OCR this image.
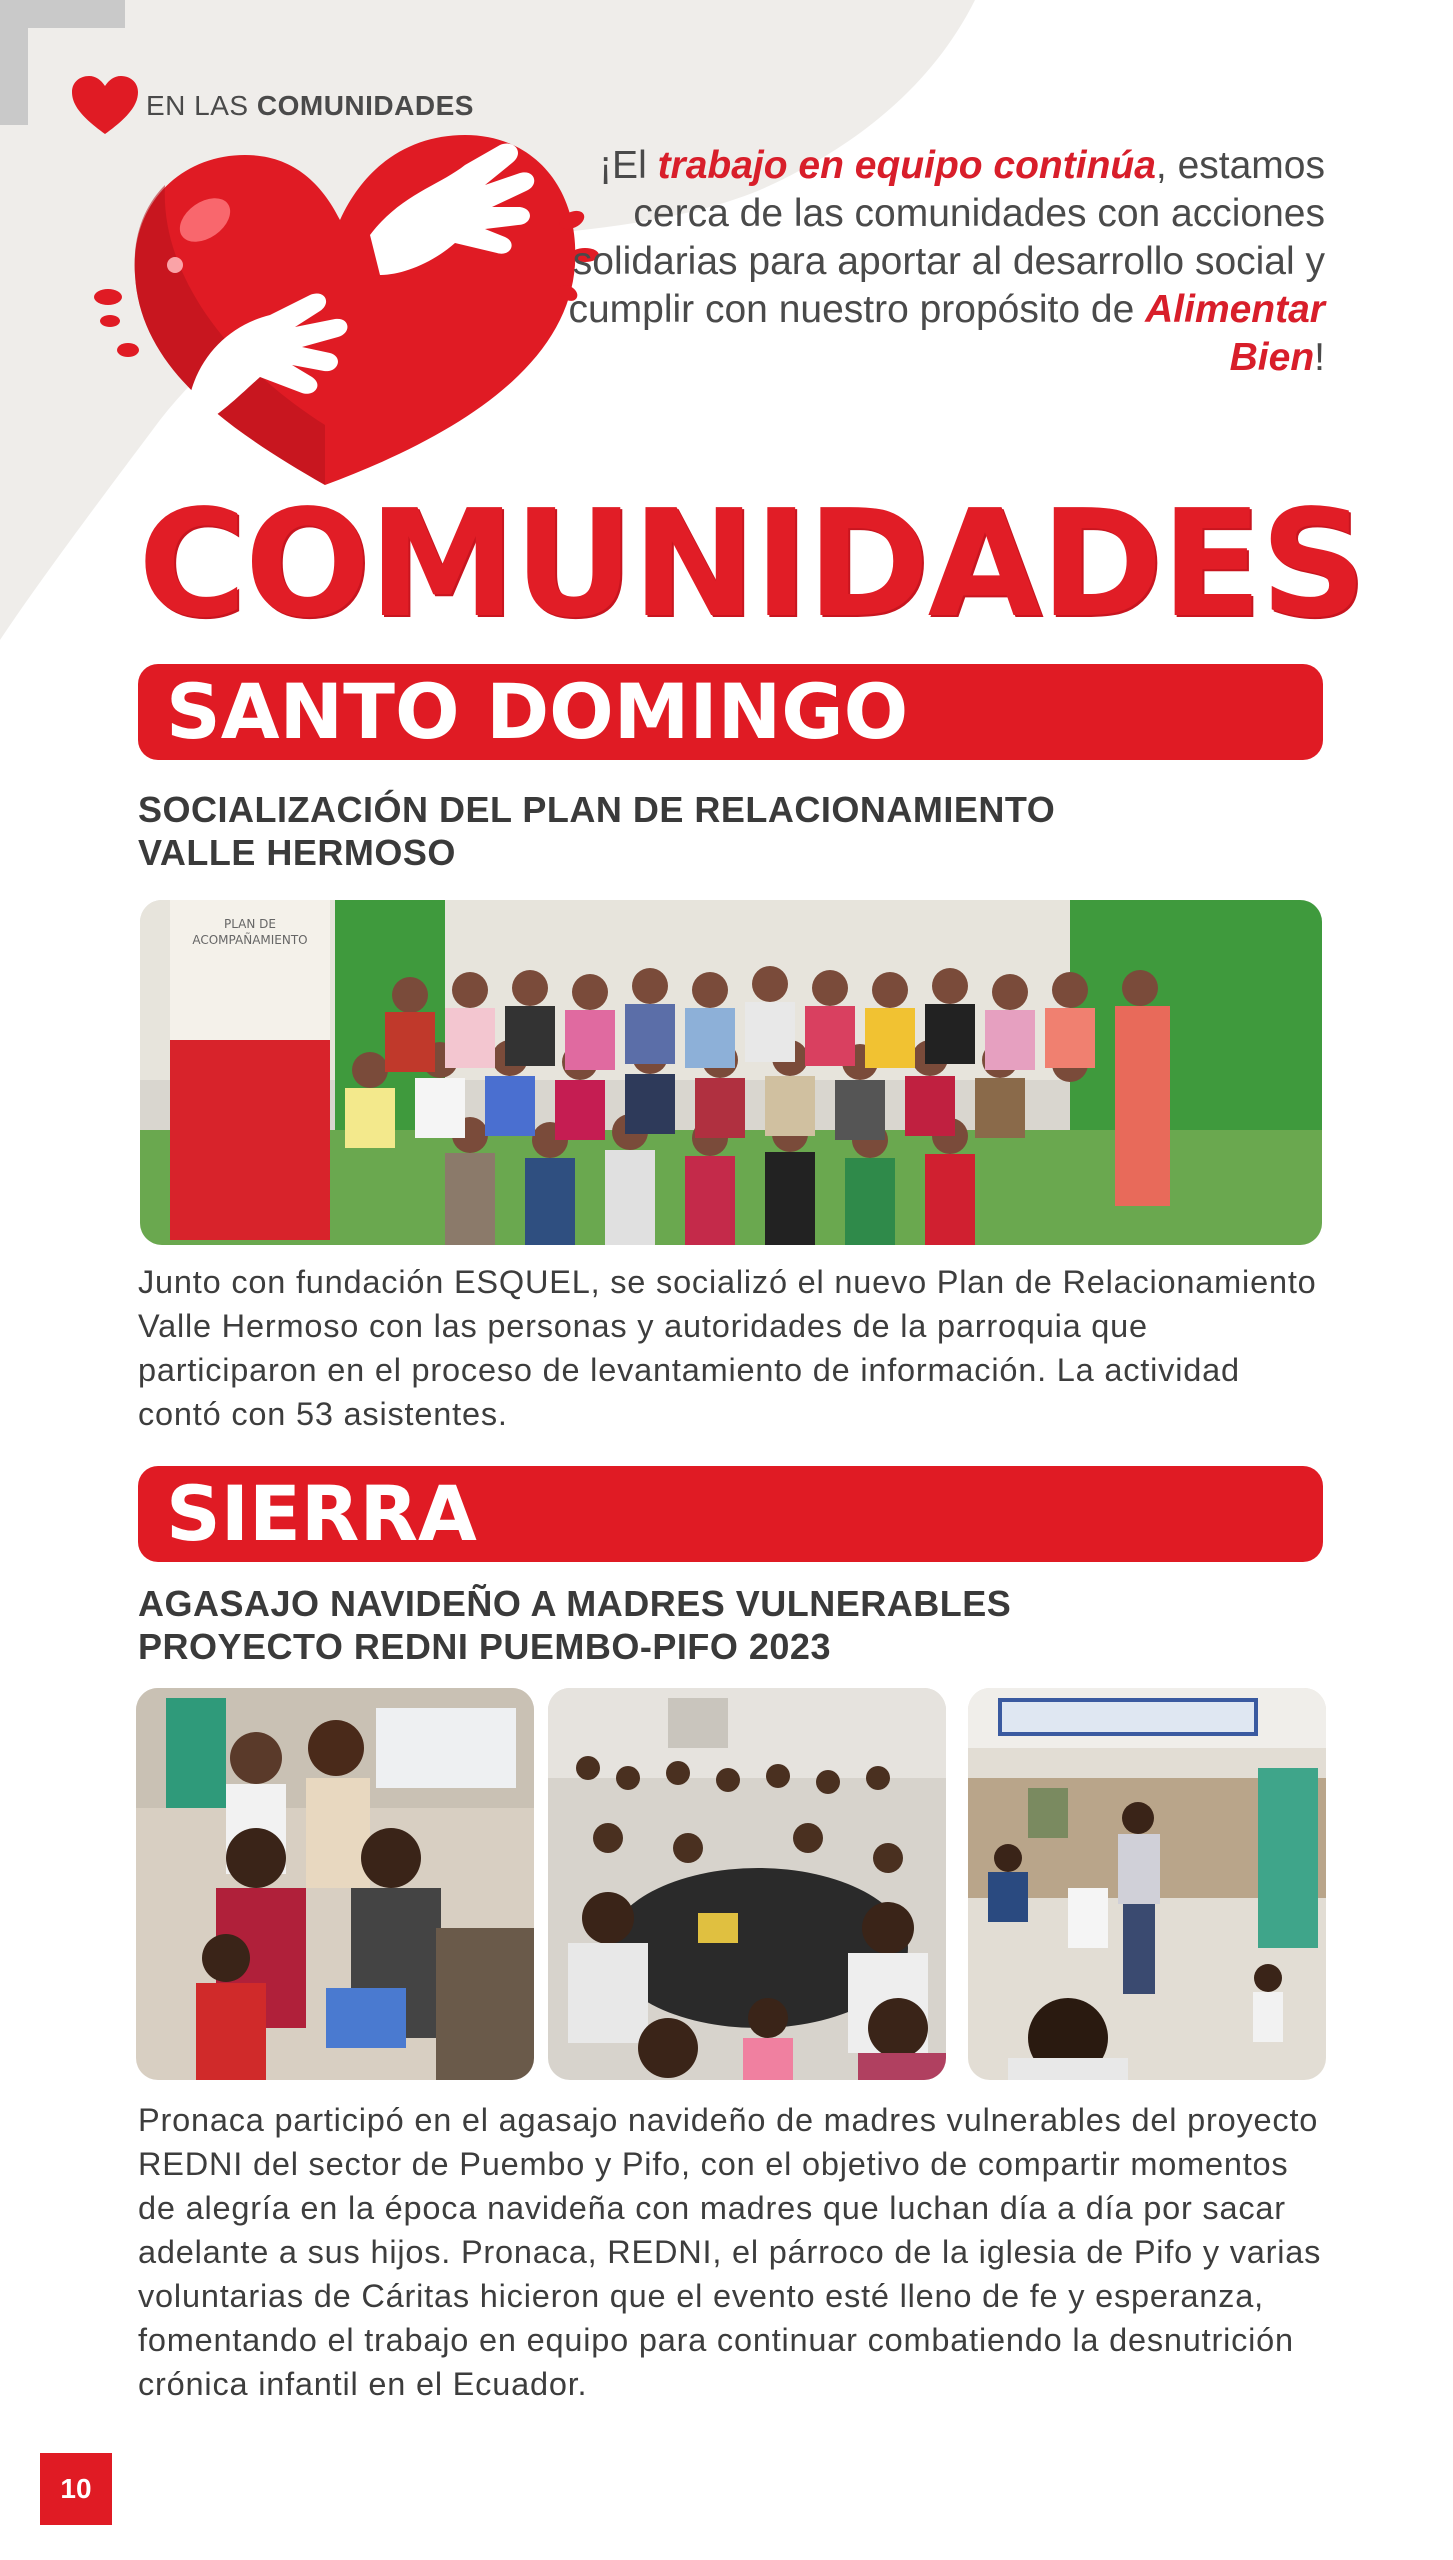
EN LAS COMUNIDADES
¡El trabajo en equipo continúa, estamos cerca de las comunidades con acciones solidarias para aportar al desarrollo social y cumplir con nuestro propósito de Alimentar Bien!
COMUNIDADES
SANTO DOMINGO
SOCIALIZACIÓN DEL PLAN DE RELACIONAMIENTO
VALLE HERMOSO
PLAN DE
ACOMPAÑAMIENTO
Junto con fundación ESQUEL, se socializó el nuevo Plan de Relacionamiento Valle Hermoso con las personas y autoridades de la parroquia que participaron en el proceso de levantamiento de información. La actividad contó con 53 asistentes.
SIERRA
AGASAJO NAVIDEÑO A MADRES VULNERABLES
PROYECTO REDNI PUEMBO-PIFO 2023
Pronaca participó en el agasajo navideño de madres vulnerables del proyecto REDNI del sector de Puembo y Pifo, con el objetivo de compartir momentos de alegría en la época navideña con madres que luchan día a día por sacar adelante a sus hijos. Pronaca, REDNI, el párroco de la iglesia de Pifo y varias voluntarias de Cáritas hicieron que el evento esté lleno de fe y esperanza, fomentando el trabajo en equipo para continuar combatiendo la desnutrición crónica infantil en el Ecuador.
10
